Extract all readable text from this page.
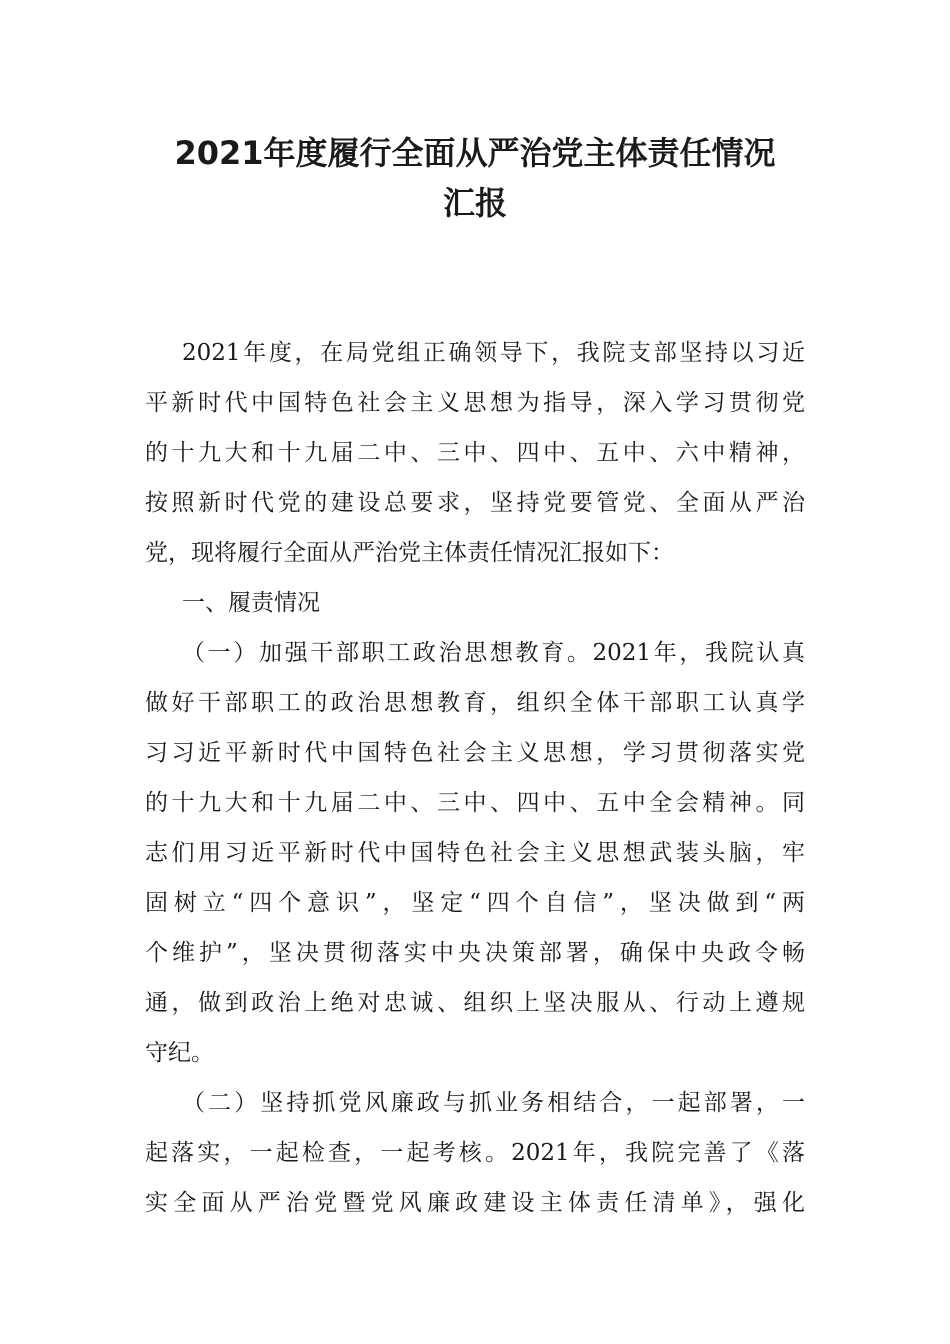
2021年度履行全面从严治党主体责任情况
汇报
2021年度，在局党组正确领导下，我院支部坚持以习近
平新时代中国特色社会主义思想为指导，深入学习贯彻党
的十九大和十九届二中、三中、四中、五中、六中精神，
按照新时代党的建设总要求，坚持党要管党、全面从严治
党，现将履行全面从严治党主体责任情况汇报如下：
一、履责情况
（一）加强干部职工政治思想教育。2021年，我院认真
做好干部职工的政治思想教育，组织全体干部职工认真学
习习近平新时代中国特色社会主义思想，学习贯彻落实党
的十九大和十九届二中、三中、四中、五中全会精神。同
志们用习近平新时代中国特色社会主义思想武装头脑，牢
固树立“四个意识”，坚定“四个自信”，坚决做到“两
个维护”，坚决贯彻落实中央决策部署，确保中央政令畅
通，做到政治上绝对忠诚、组织上坚决服从、行动上遵规
守纪。
（二）坚持抓党风廉政与抓业务相结合，一起部署，一
起落实，一起检查，一起考核。2021年，我院完善了《落
实全面从严治党暨党风廉政建设主体责任清单》，强化
